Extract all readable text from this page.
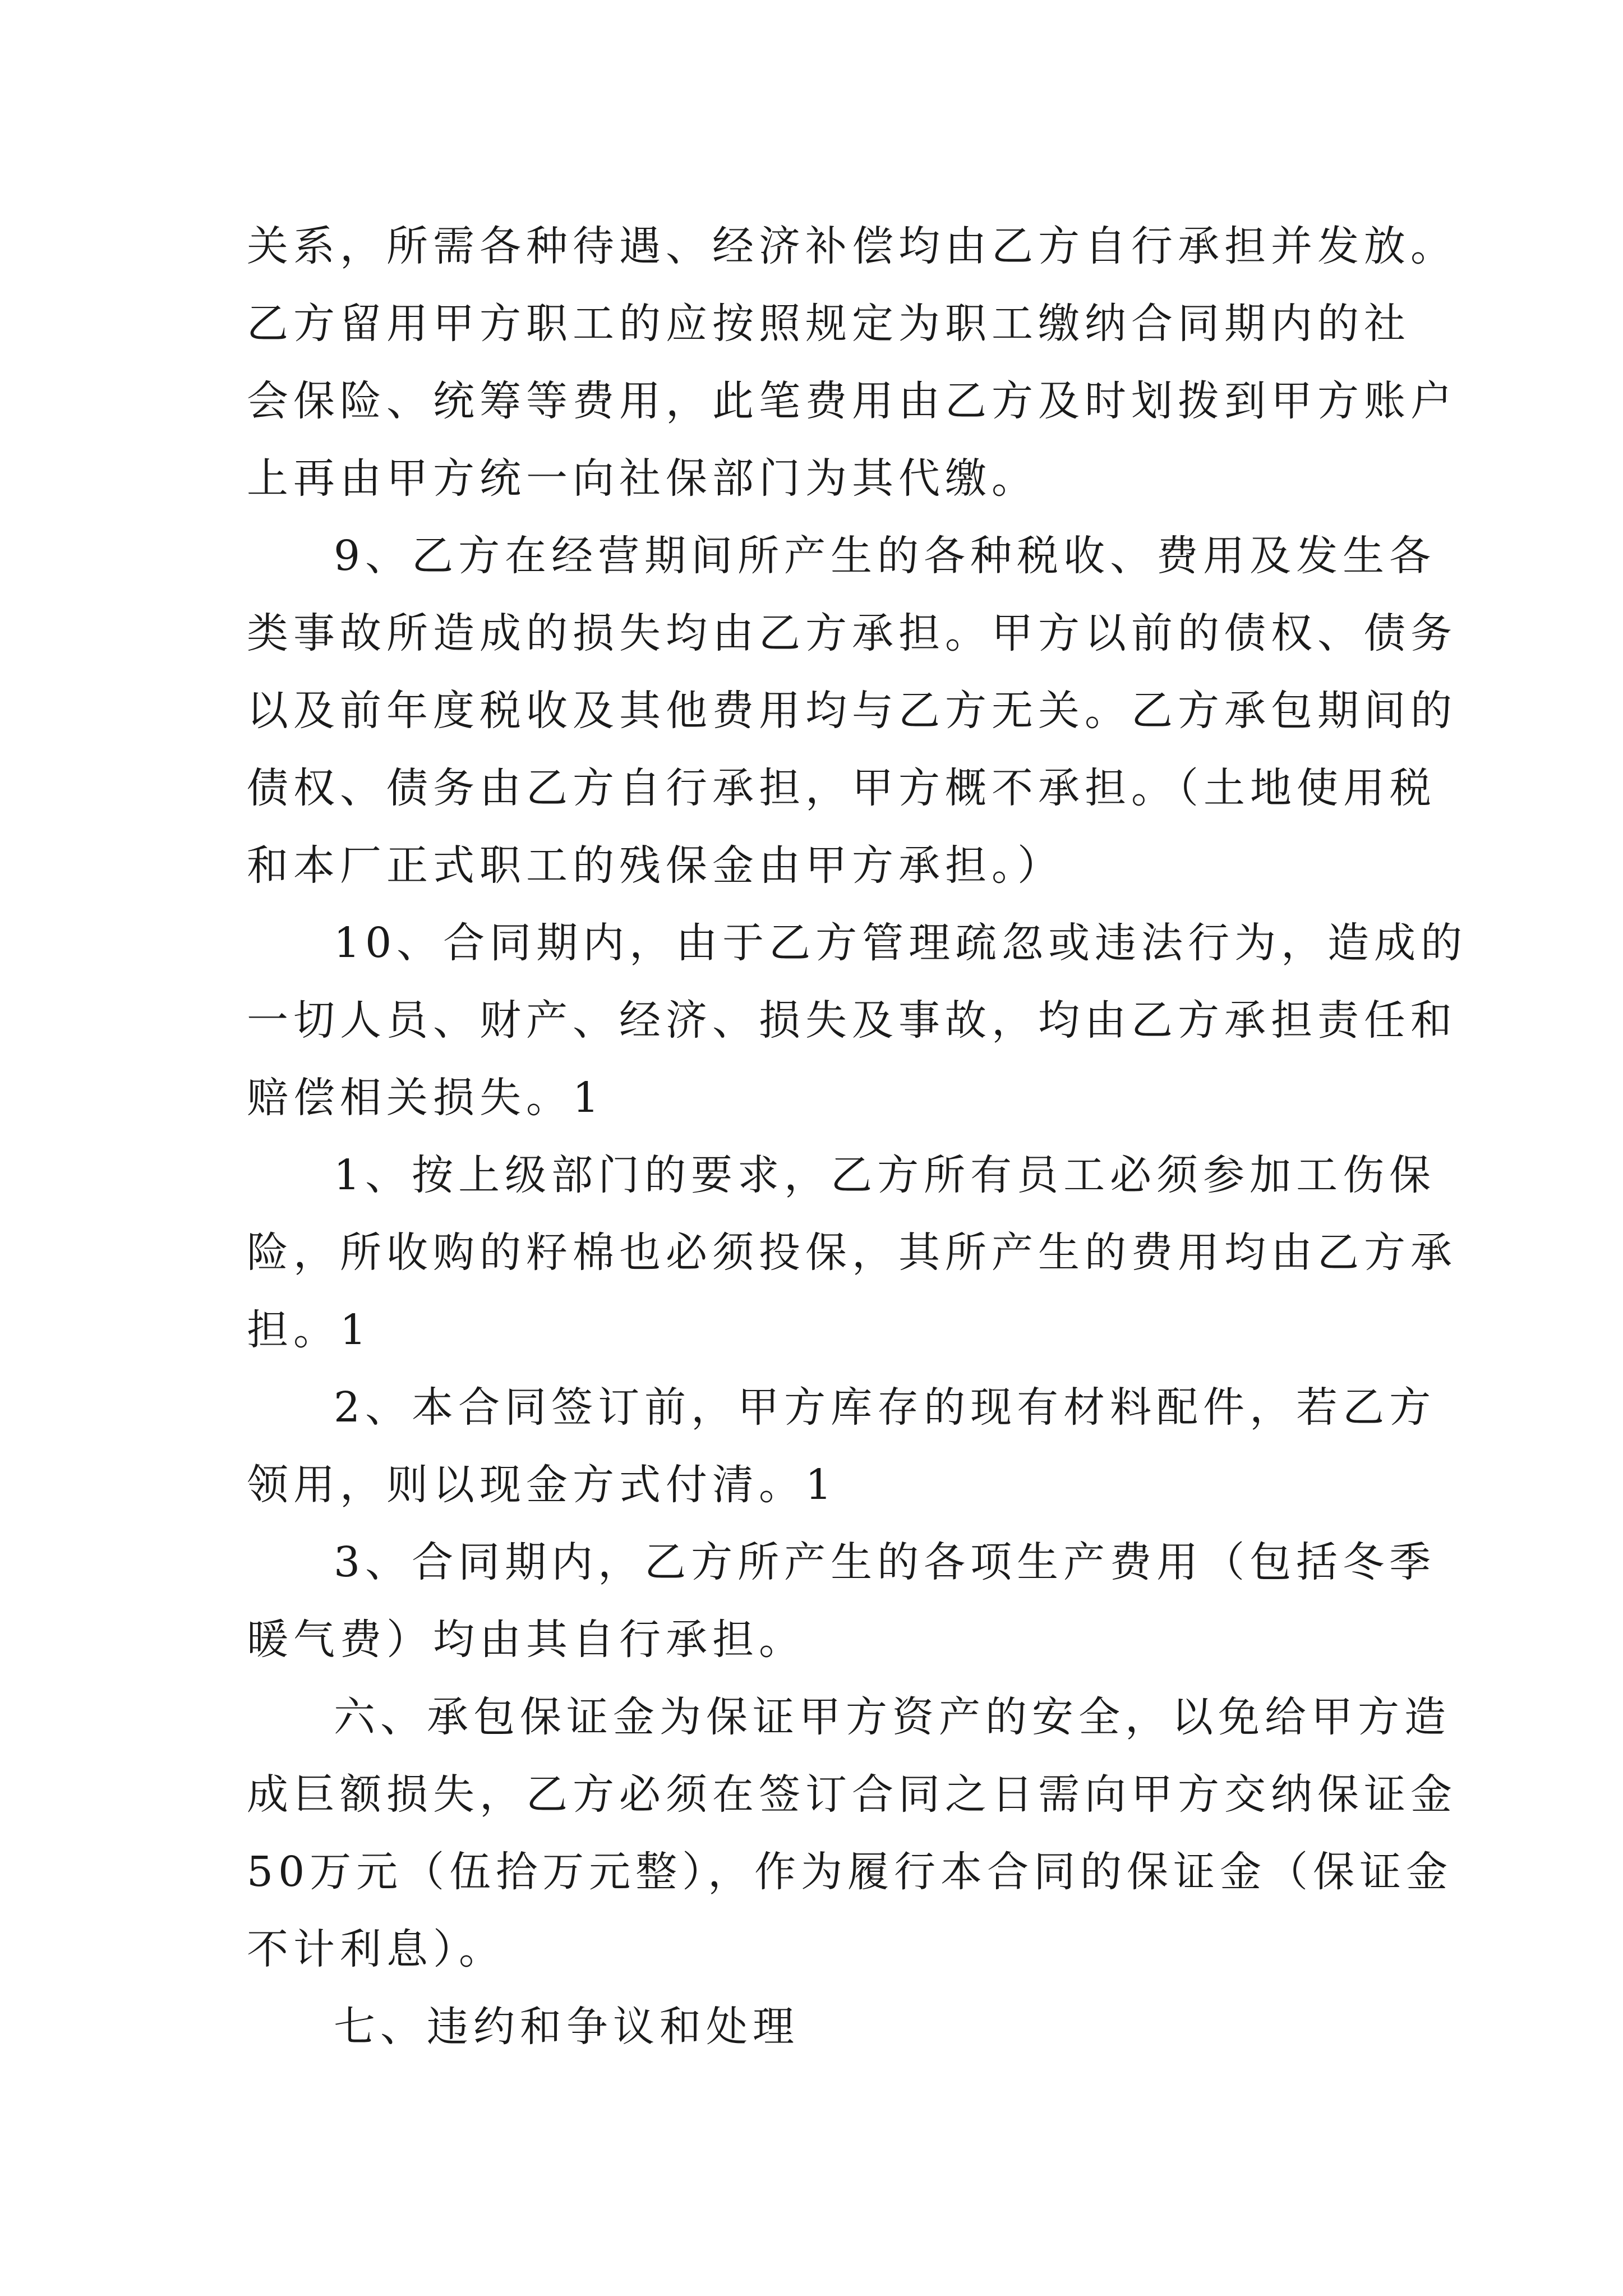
关系，所需各种待遇、经济补偿均由乙方自行承担并发放。
乙方留用甲方职工的应按照规定为职工缴纳合同期内的社
会保险、统筹等费用，此笔费用由乙方及时划拨到甲方账户
上再由甲方统一向社保部门为其代缴。
9、乙方在经营期间所产生的各种税收、费用及发生各
类事故所造成的损失均由乙方承担。甲方以前的债权、债务
以及前年度税收及其他费用均与乙方无关。乙方承包期间的
债权、债务由乙方自行承担，甲方概不承担。（土地使用税
和本厂正式职工的残保金由甲方承担。）
10、合同期内，由于乙方管理疏忽或违法行为，造成的
一切人员、财产、经济、损失及事故，均由乙方承担责任和
赔偿相关损失。1
1、按上级部门的要求，乙方所有员工必须参加工伤保
险，所收购的籽棉也必须投保，其所产生的费用均由乙方承
担。1
2、本合同签订前，甲方库存的现有材料配件，若乙方
领用，则以现金方式付清。1
3、合同期内，乙方所产生的各项生产费用（包括冬季
暖气费）均由其自行承担。
六、承包保证金为保证甲方资产的安全，以免给甲方造
成巨额损失，乙方必须在签订合同之日需向甲方交纳保证金
50万元（伍拾万元整），作为履行本合同的保证金（保证金
不计利息）。
七、违约和争议和处理
